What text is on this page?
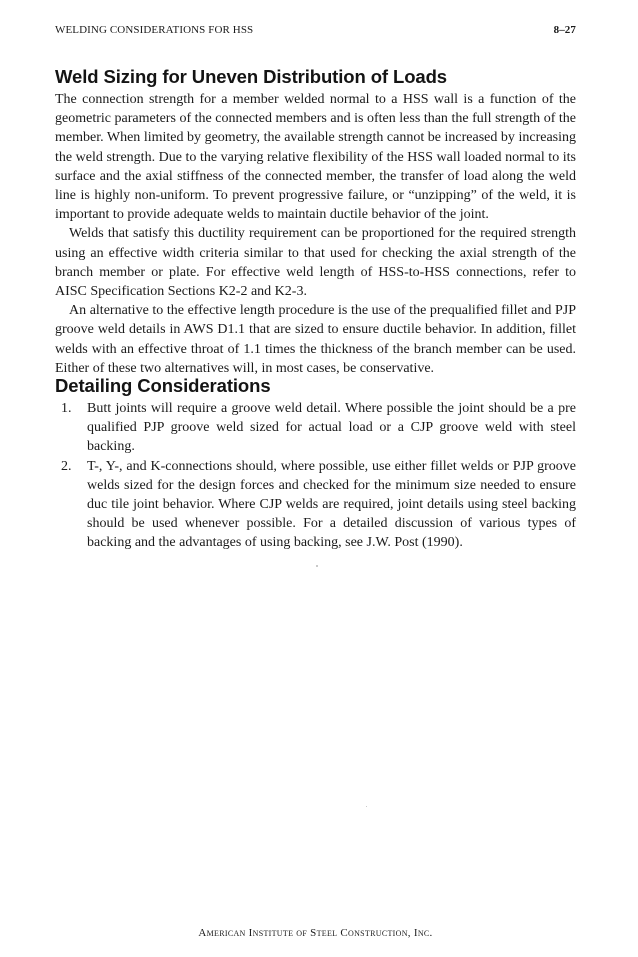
WELDING CONSIDERATIONS FOR HSS	8–27
Weld Sizing for Uneven Distribution of Loads

The connection strength for a member welded normal to a HSS wall is a function of the geometric parameters of the connected members and is often less than the full strength of the member. When limited by geometry, the available strength cannot be increased by increasing the weld strength. Due to the varying relative flexibility of the HSS wall loaded normal to its surface and the axial stiffness of the connected member, the transfer of load along the weld line is highly non-uniform. To prevent progressive failure, or “unzipping” of the weld, it is important to provide adequate welds to maintain ductile behavior of the joint.

Welds that satisfy this ductility requirement can be proportioned for the required strength using an effective width criteria similar to that used for checking the axial strength of the branch member or plate. For effective weld length of HSS-to-HSS connections, refer to AISC Specification Sections K2-2 and K2-3.

An alternative to the effective length procedure is the use of the prequalified fillet and PJP groove weld details in AWS D1.1 that are sized to ensure ductile behavior. In addition, fillet welds with an effective throat of 1.1 times the thickness of the branch member can be used. Either of these two alternatives will, in most cases, be conservative.

Detailing Considerations
1.	Butt joints will require a groove weld detail. Where possible the joint should be a pre qualified PJP groove weld sized for actual load or a CJP groove weld with steel backing.
2.	T-, Y-, and K-connections should, where possible, use either fillet welds or PJP groove welds sized for the design forces and checked for the minimum size needed to ensure duc tile joint behavior. Where CJP welds are required, joint details using steel backing should be used whenever possible. For a detailed discussion of various types of backing and the advantages of using backing, see J.W. Post (1990).
American Institute of Steel Construction, Inc.
